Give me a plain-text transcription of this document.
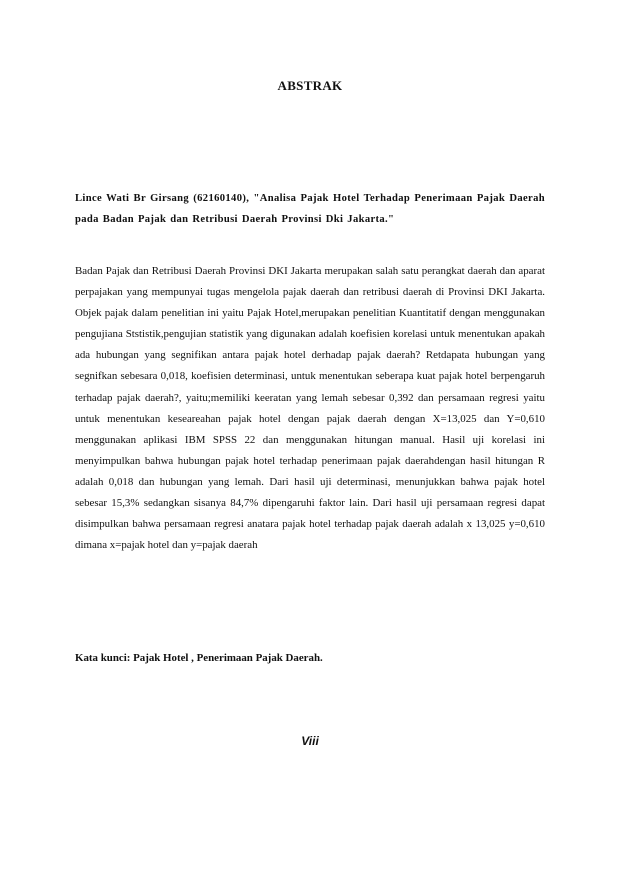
ABSTRAK
Lince Wati Br Girsang (62160140), "Analisa Pajak Hotel Terhadap Penerimaan Pajak Daerah pada Badan Pajak dan Retribusi Daerah Provinsi Dki Jakarta."

Badan Pajak dan Retribusi Daerah Provinsi DKI Jakarta merupakan salah satu perangkat daerah dan aparat perpajakan yang mempunyai tugas mengelola pajak daerah dan retribusi daerah di Provinsi DKI Jakarta. Objek pajak dalam penelitian ini yaitu Pajak Hotel,merupakan penelitian Kuantitatif dengan menggunakan pengujiana Ststistik,pengujian statistik yang digunakan adalah koefisien korelasi untuk menentukan apakah ada hubungan yang segnifikan antara pajak hotel derhadap pajak daerah? Retdapata hubungan yang segnifkan sebesara 0,018, koefisien determinasi, untuk menentukan seberapa kuat pajak hotel berpengaruh terhadap pajak daerah?, yaitu;memiliki keeratan yang lemah sebesar 0,392 dan persamaan regresi yaitu untuk menentukan keseareahan pajak hotel dengan pajak daerah dengan X=13,025 dan Y=0,610 menggunakan aplikasi IBM SPSS 22 dan menggunakan hitungan manual. Hasil uji korelasi ini menyimpulkan bahwa hubungan pajak hotel terhadap penerimaan pajak daerahdengan hasil hitungan R adalah 0,018 dan hubungan yang lemah. Dari hasil uji determinasi, menunjukkan bahwa pajak hotel sebesar 15,3% sedangkan sisanya 84,7% dipengaruhi faktor lain. Dari hasil uji persamaan regresi dapat disimpulkan bahwa persamaan regresi anatara pajak hotel terhadap pajak daerah adalah x 13,025 y=0,610 dimana x=pajak hotel dan y=pajak daerah

Kata kunci: Pajak Hotel , Penerimaan Pajak Daerah.
Viii
